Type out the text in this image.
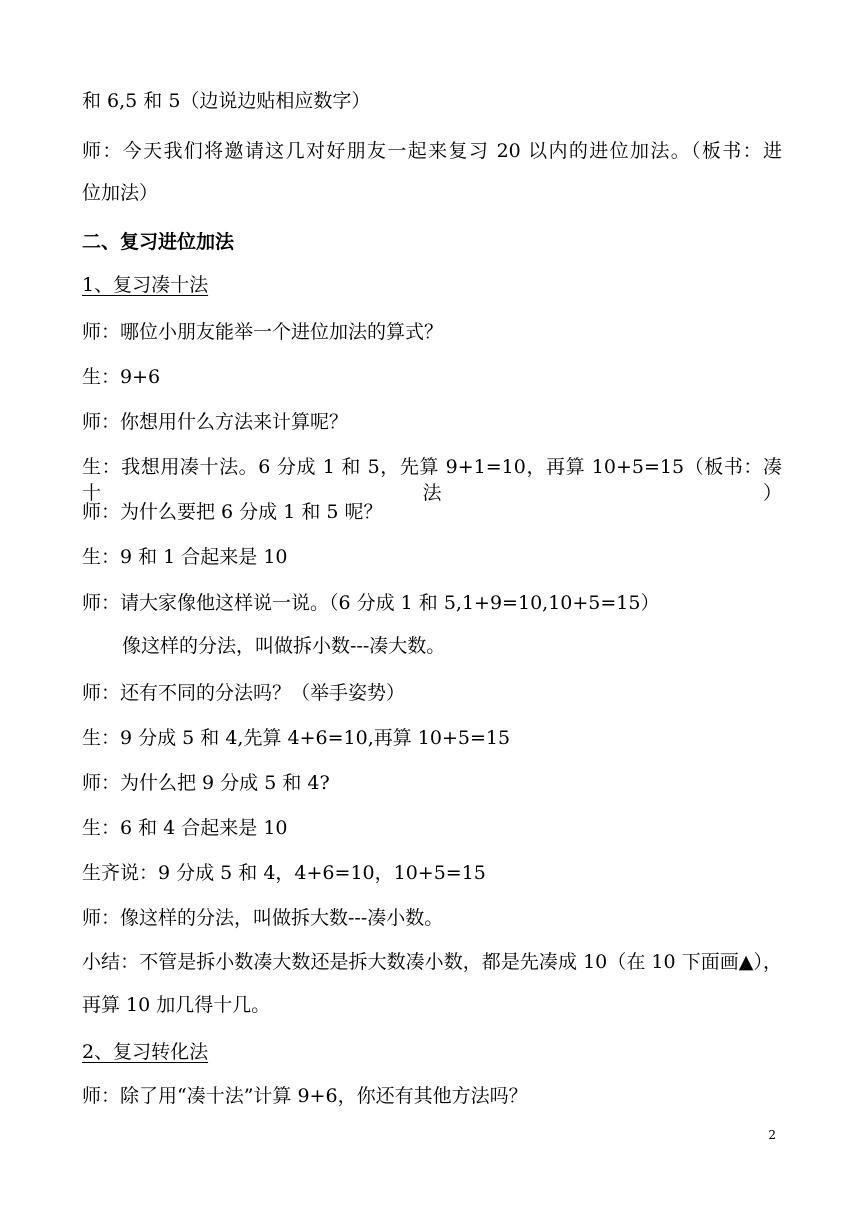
和 6,5 和 5（边说边贴相应数字）
师：今天我们将邀请这几对好朋友一起来复习 20 以内的进位加法。（板书：进
位加法）
二、复习进位加法
1、复习凑十法
师：哪位小朋友能举一个进位加法的算式？
生：9+6
师：你想用什么方法来计算呢？
生：我想用凑十法。6 分成 1 和 5，先算 9+1=10，再算 10+5=15（板书：凑十法）
师：为什么要把 6 分成 1 和 5 呢？
生：9 和 1 合起来是 10
师：请大家像他这样说一说。（6 分成 1 和 5,1+9=10,10+5=15）
像这样的分法，叫做拆小数---凑大数。
师：还有不同的分法吗？（举手姿势）
生：9 分成 5 和 4,先算 4+6=10,再算 10+5=15
师：为什么把 9 分成 5 和 4?
生：6 和 4 合起来是 10
生齐说：9 分成 5 和 4，4+6=10，10+5=15
师：像这样的分法，叫做拆大数---凑小数。
小结：不管是拆小数凑大数还是拆大数凑小数，都是先凑成 10（在 10 下面画▲），
再算 10 加几得十几。
2、复习转化法
师：除了用“凑十法”计算 9+6，你还有其他方法吗？
2
